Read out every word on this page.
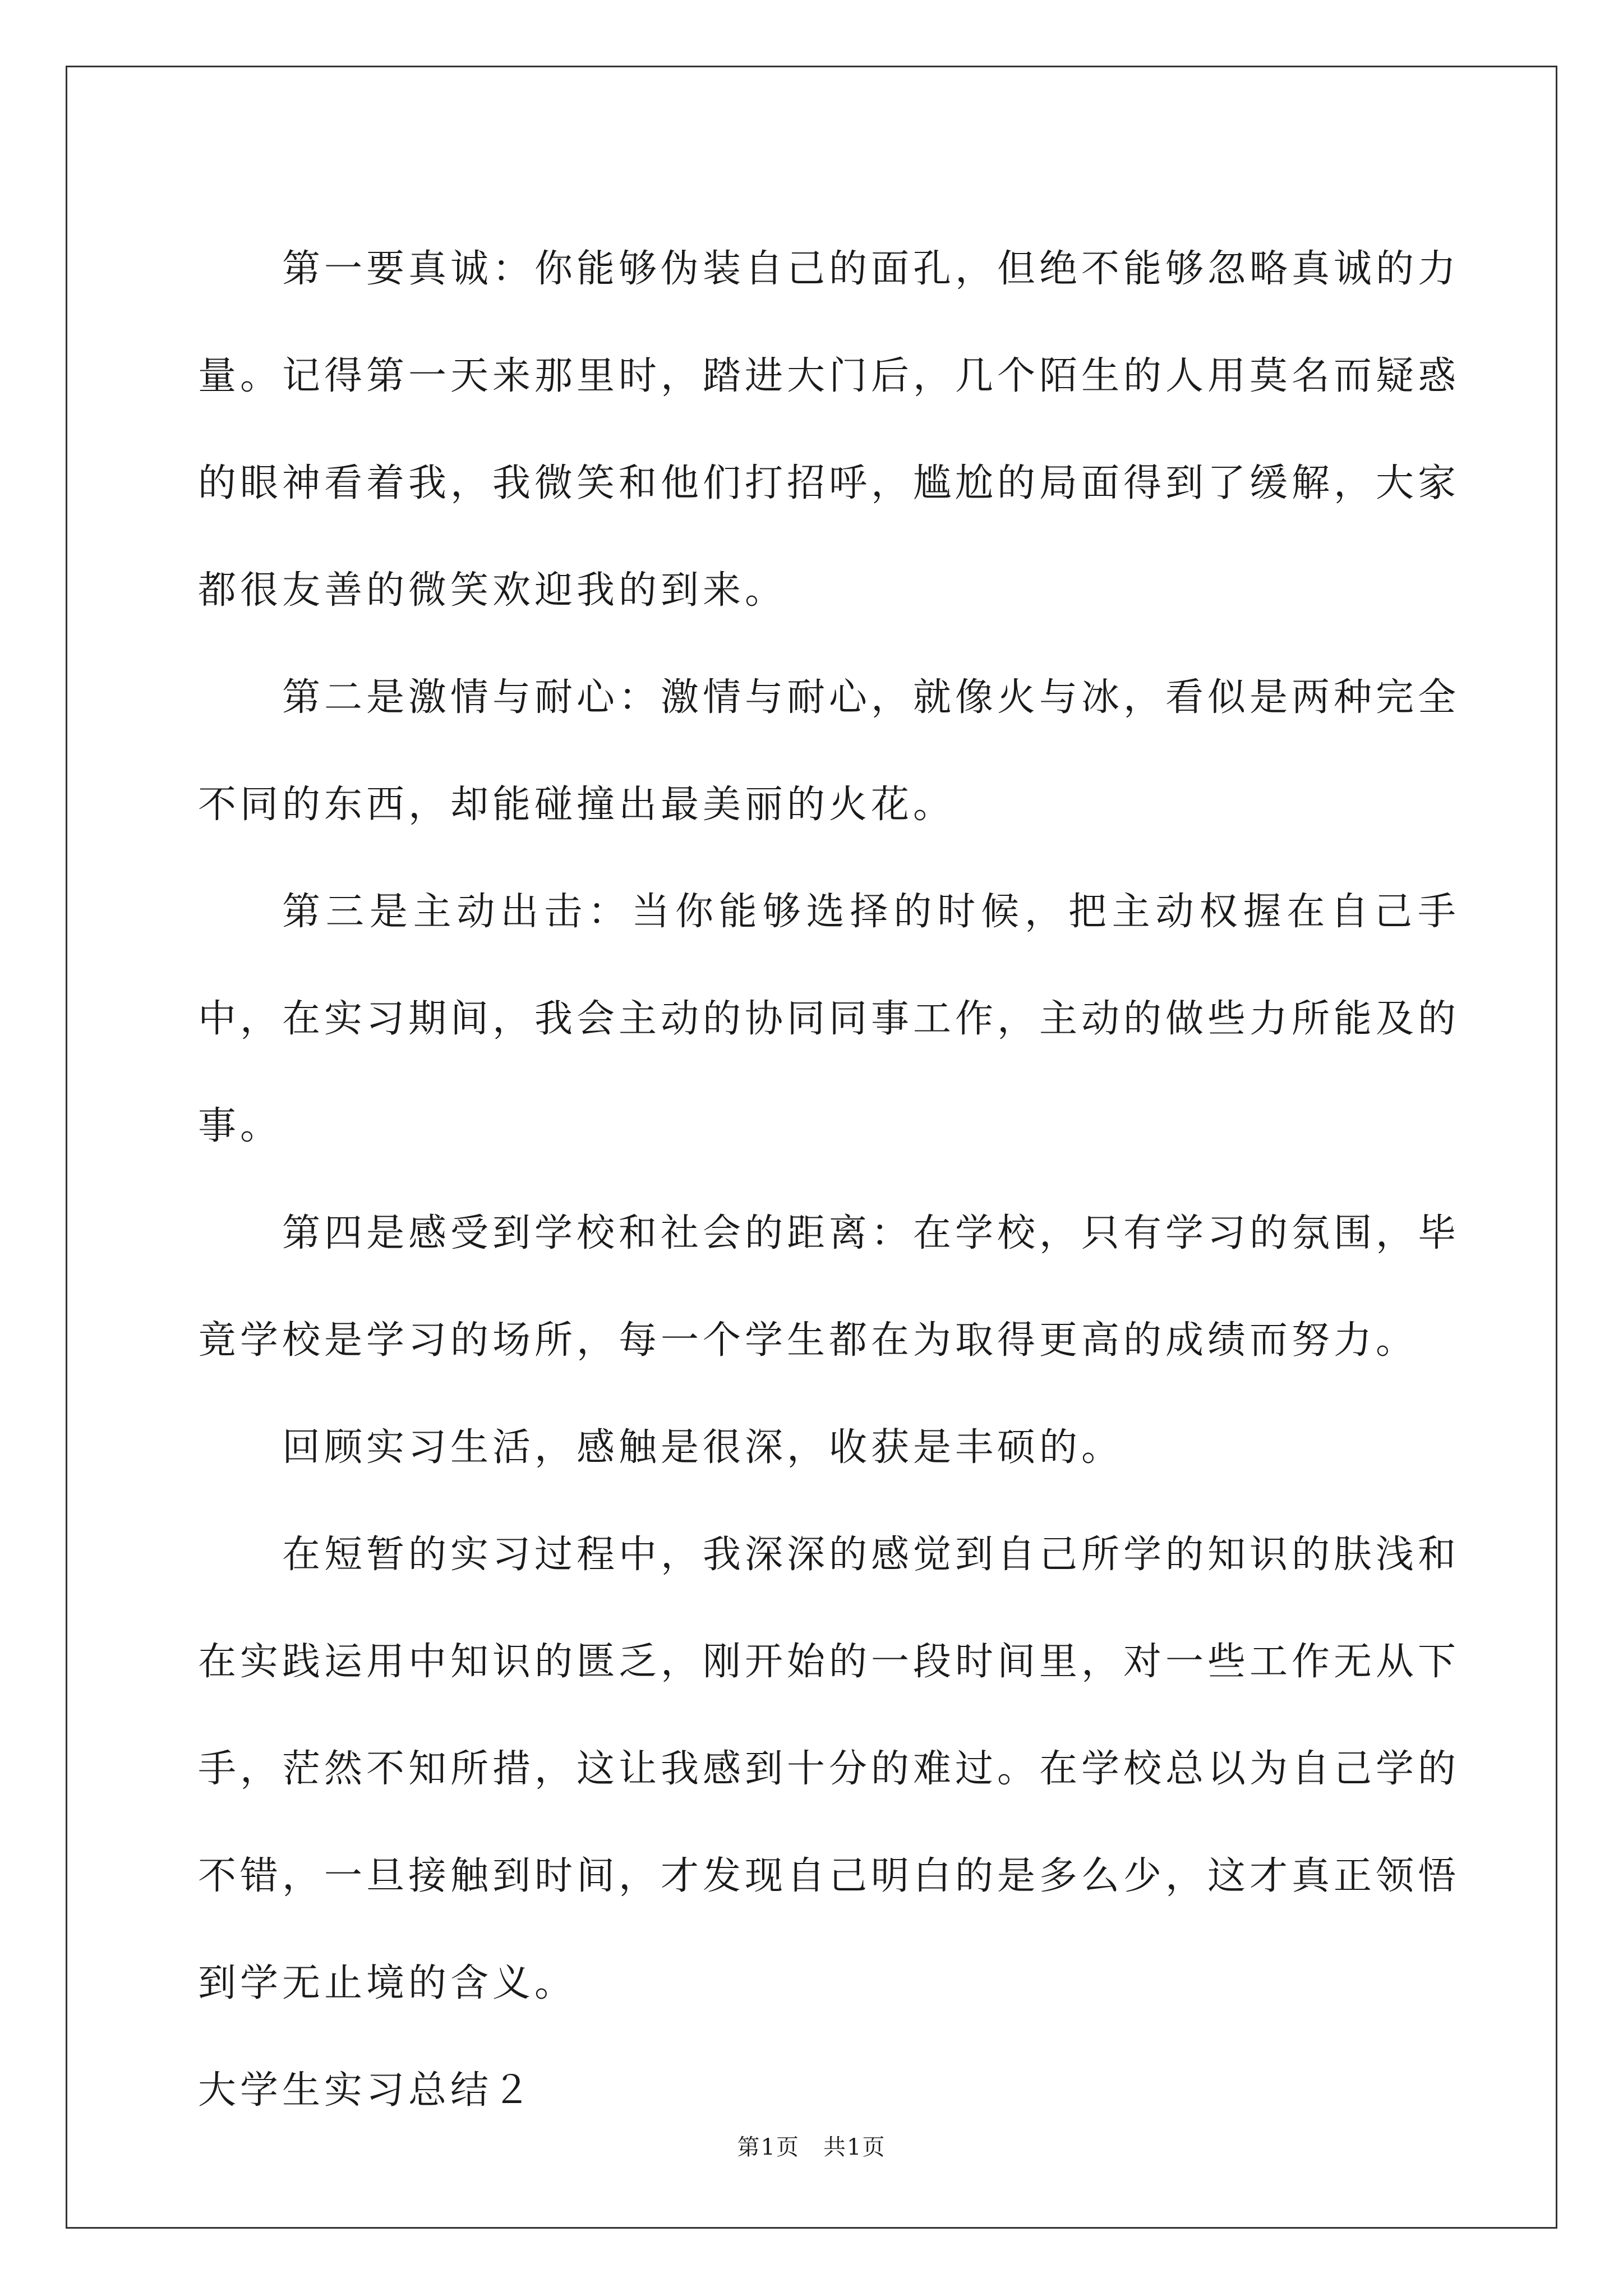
第一要真诚：你能够伪装自己的面孔，但绝不能够忽略真诚的力量。记得第一天来那里时，踏进大门后，几个陌生的人用莫名而疑惑的眼神看着我，我微笑和他们打招呼，尴尬的局面得到了缓解，大家都很友善的微笑欢迎我的到来。

第二是激情与耐心：激情与耐心，就像火与冰，看似是两种完全不同的东西，却能碰撞出最美丽的火花。

第三是主动出击：当你能够选择的时候，把主动权握在自己手中，在实习期间，我会主动的协同同事工作，主动的做些力所能及的事。

第四是感受到学校和社会的距离：在学校，只有学习的氛围，毕竟学校是学习的场所，每一个学生都在为取得更高的成绩而努力。

回顾实习生活，感触是很深，收获是丰硕的。

在短暂的实习过程中，我深深的感觉到自己所学的知识的肤浅和在实践运用中知识的匮乏，刚开始的一段时间里，对一些工作无从下手，茫然不知所措，这让我感到十分的难过。在学校总以为自己学的不错，一旦接触到时间，才发现自己明白的是多么少，这才真正领悟到学无止境的含义。

大学生实习总结２

第1页　共1页
